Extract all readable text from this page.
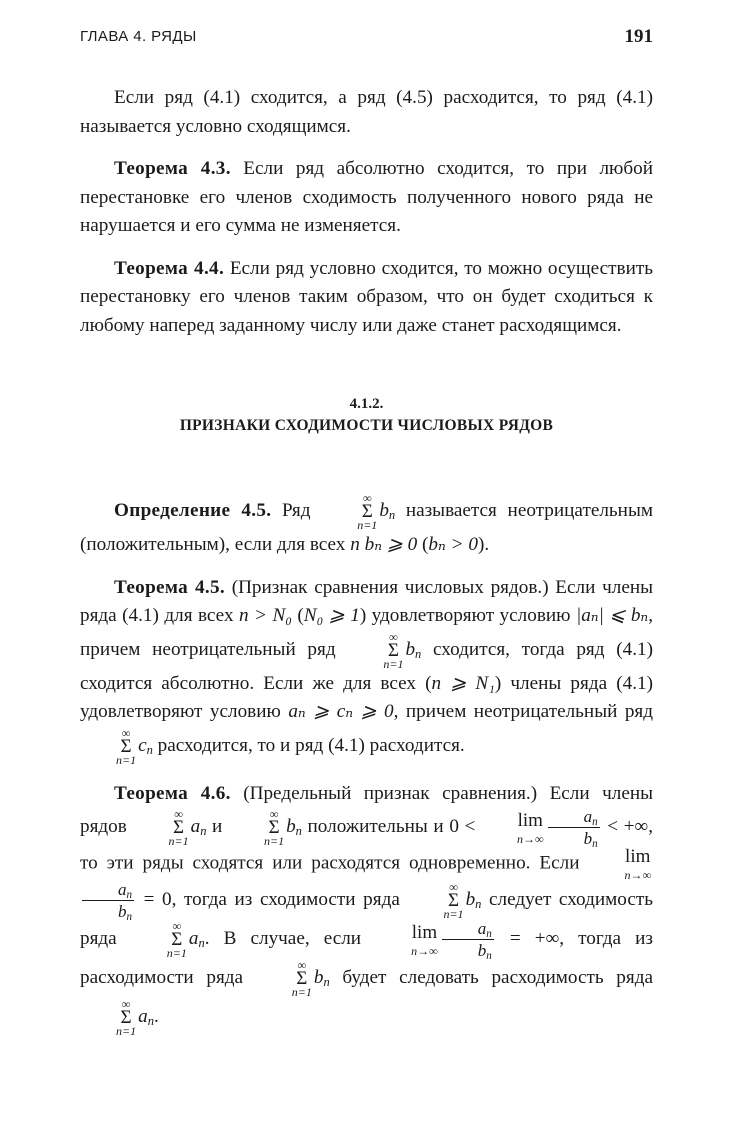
ГЛАВА 4. РЯДЫ	191

Если ряд (4.1) сходится, а ряд (4.5) расходится, то ряд (4.1) называется условно сходящимся.

Теорема 4.3. Если ряд абсолютно сходится, то при любой перестановке его членов сходимость полученного нового ряда не нарушается и его сумма не изменяется.

Теорема 4.4. Если ряд условно сходится, то можно осуществить перестановку его членов таким образом, что он будет сходиться к любому наперед заданному числу или даже станет расходящимся.

4.1.2.
ПРИЗНАКИ СХОДИМОСТИ ЧИСЛОВЫХ РЯДОВ

Определение 4.5. Ряд
∞
Σ
n=1
$b_n$ называется неотрицательным (положительным), если для всех n bₙ ⩾ 0 (bₙ > 0).

Теорема 4.5. (Признак сравнения числовых рядов.) Если члены ряда (4.1) для всех n > N₀ (N₀ ⩾ 1) удовлетворяют условию |aₙ| ⩽ bₙ, причем неотрицательный ряд
∞
Σ
n=1
$b_n$ сходится, тогда ряд (4.1) сходится абсолютно. Если же для всех (n ⩾ N₁) члены ряда (4.1) удовлетворяют условию aₙ ⩾ cₙ ⩾ 0, причем неотрицательный ряд
∞
Σ
n=1
$c_n$ расходится, то и ряд (4.1) расходится.

Теорема 4.6. (Предельный признак сравнения.) Если члены рядов
∞
Σ
n=1
$a_n$ и
∞
Σ
n=1
$b_n$ положительны и 0 <	lim
$n\to\infty \frac{a_n}{b_n}$ < +∞, то эти ряды сходятся или расходятся одновременно. Если	lim
n→∞
$\frac{a_n}{b_n} = 0$, тогда из сходимости ряда
∞
Σ
n=1
$b_n$ следует сходимость ряда
∞
Σ
n=1
$a_n$. В случае, если	lim
$n\to\infty \frac{a_n}{b_n}$ = +∞, тогда из расходимости ряда
∞
Σ
n=1
$b_n$ будет следовать расходимость ряда
∞
Σ
n=1
$a_n$.
